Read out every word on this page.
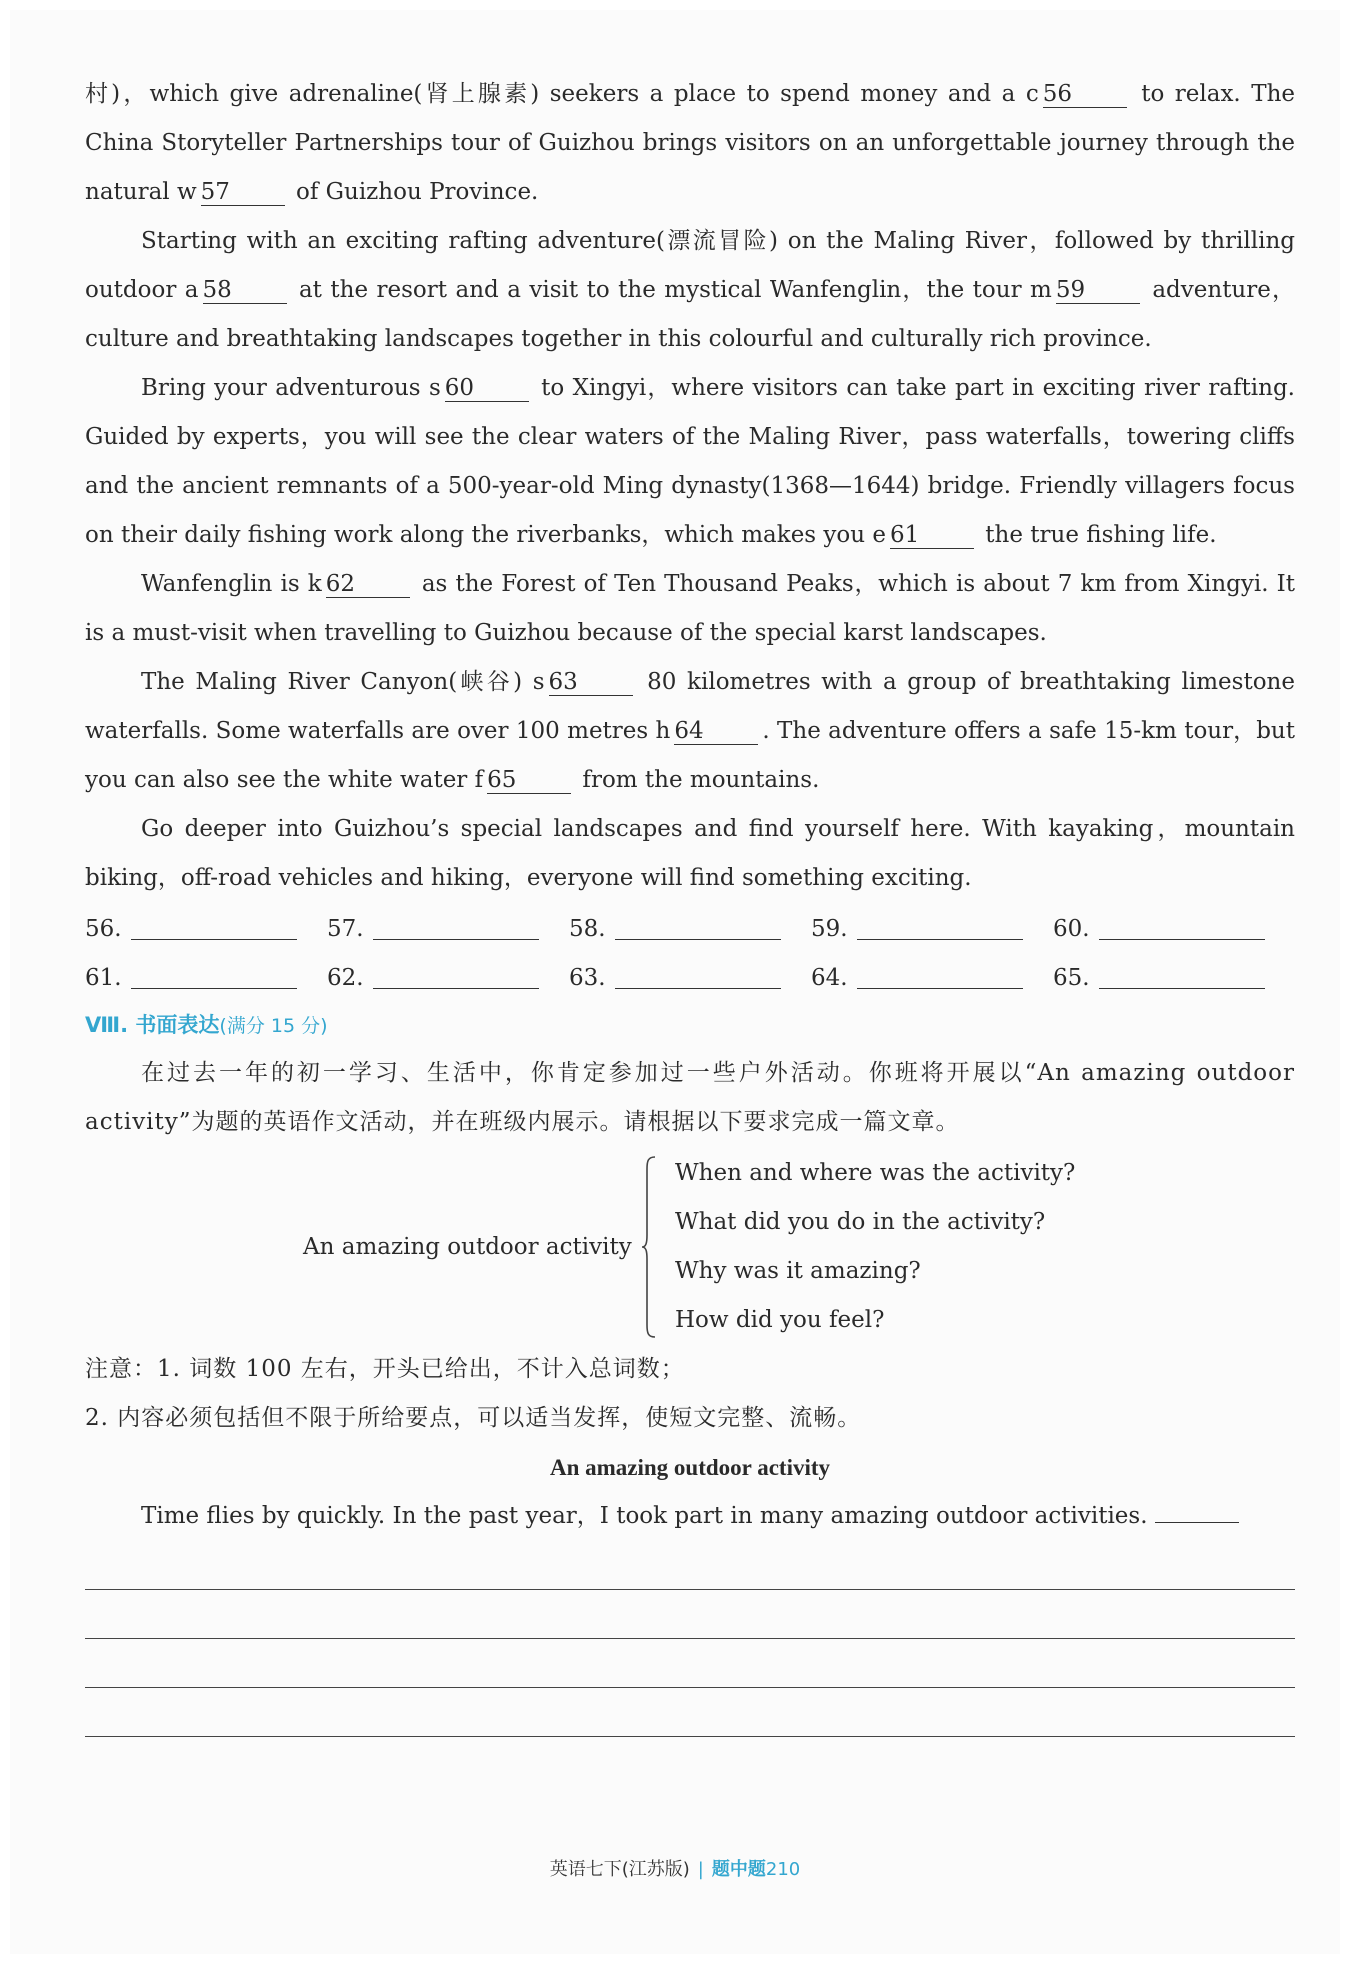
村)，which give adrenaline(肾上腺素) seekers a place to spend money and a c 56	to relax. The China Storyteller Partnerships tour of Guizhou brings visitors on an unforgettable journey through the natural w 57	of Guizhou Province.

Starting with an exciting rafting adventure(漂流冒险) on the Maling River，followed by thrilling outdoor a 58	at the resort and a visit to the mystical Wanfenglin，the tour m 59	adventure，culture and breathtaking landscapes together in this colourful and culturally rich province.

Bring your adventurous s 60	to Xingyi，where visitors can take part in exciting river rafting. Guided by experts，you will see the clear waters of the Maling River，pass waterfalls，towering cliffs and the ancient remnants of a 500-year-old Ming dynasty(1368—1644) bridge. Friendly villagers focus on their daily fishing work along the riverbanks，which makes you e 61	the true fishing life.

Wanfenglin is k 62	as the Forest of Ten Thousand Peaks，which is about 7 km from Xingyi. It is a must-visit when travelling to Guizhou because of the special karst landscapes.

The Maling River Canyon(峡谷) s 63	80 kilometres with a group of breathtaking limestone waterfalls. Some waterfalls are over 100 metres h 64	. The adventure offers a safe 15-km tour，but you can also see the white water f 65	from the mountains.

Go deeper into Guizhou’s special landscapes and find yourself here. With kayaking，mountain biking，off-road vehicles and hiking，everyone will find something exciting.

56.	57.	58.	59.	60.
61.	62.	63.	64.	65.
Ⅷ. 书面表达(满分 15 分)

在过去一年的初一学习、生活中，你肯定参加过一些户外活动。你班将开展以“An amazing outdoor activity”为题的英语作文活动，并在班级内展示。请根据以下要求完成一篇文章。

An amazing outdoor activity
When and where was the activity?
What did you do in the activity?
Why was it amazing?
How did you feel?

注意：1. 词数 100 左右，开头已给出，不计入总词数；

2. 内容必须包括但不限于所给要点，可以适当发挥，使短文完整、流畅。

An amazing outdoor activity

Time flies by quickly. In the past year，I took part in many amazing outdoor activities.

英语七下(江苏版) | 题中题210
